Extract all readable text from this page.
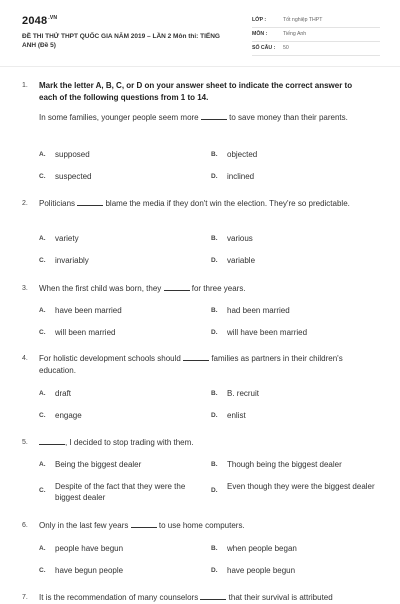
$2048^{.VN}$
ĐỀ THI THỬ THPT QUỐC GIA NĂM 2019 – LẦN 2 Môn thi: TIẾNG ANH (Đề 5)
LỚP :	Tốt nghiệp THPT
MÔN :	Tiếng Anh
SỐ CÂU : 50
1. Mark the letter A, B, C, or D on your answer sheet to indicate the correct answer to each of the following questions from 1 to 14.
In some families, younger people seem more	to save money than their parents.
A. supposed	B. objected
C. suspected	D. inclined
2. Politicians	blame the media if they don't win the election. They're so predictable.
A. variety	B. various
C. invariably	D. variable
3. When the first child was born, they	for three years.
A. have been married	B. had been married
C. will been married	D. will have been married
4. For holistic development schools should	families as partners in their children's education.
A. draft	B. B. recruit
C. engage	D. enlist
5.	, I decided to stop trading with them.
A. Being the biggest dealer	B. Though being the biggest dealer
C. Despite of the fact that they were the biggest dealer
D. Even though they were the biggest dealer
6. Only in the last few years	to use home computers.
A. people have begun	B. when people began
C. have begun people	D. have people begun
7. It is the recommendation of many counselors	that their survival is attributed
